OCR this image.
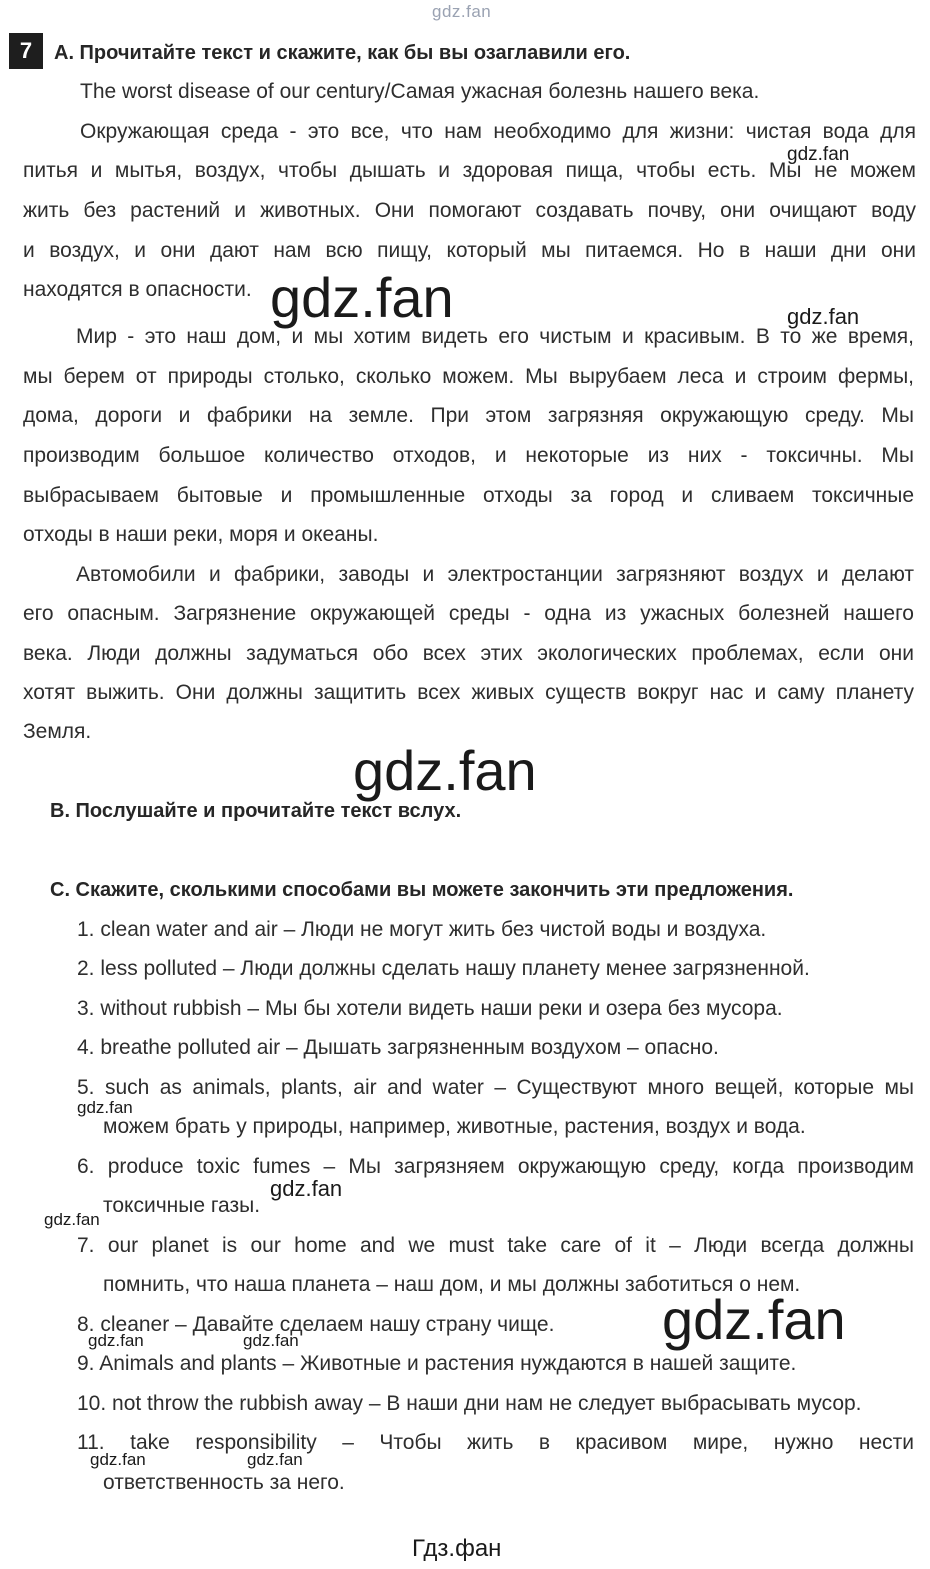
gdz.fan
7	A. Прочитайте текст и скажите, как бы вы озаглавили его.
The worst disease of our century/Самая ужасная болезнь нашего века.
Окружающая среда - это все, что нам необходимо для жизни: чистая вода для
питья и мытья, воздух, чтобы дышать и здоровая пища, чтобы есть. Мы не можем
жить без растений и животных. Они помогают создавать почву, они очищают воду
и воздух, и они дают нам всю пищу, который мы питаемся. Но в наши дни они
находятся в опасности.
Мир - это наш дом, и мы хотим видеть его чистым и красивым. В то же время,
мы берем от природы столько, сколько можем. Мы вырубаем леса и строим фермы,
дома, дороги и фабрики на земле. При этом загрязняя окружающую среду. Мы
производим большое количество отходов, и некоторые из них - токсичны. Мы
выбрасываем бытовые и промышленные отходы за город и сливаем токсичные
отходы в наши реки, моря и океаны.
Автомобили и фабрики, заводы и электростанции загрязняют воздух и делают
его опасным. Загрязнение окружающей среды - одна из ужасных болезней нашего
века. Люди должны задуматься обо всех этих экологических проблемах, если они
хотят выжить. Они должны защитить всех живых существ вокруг нас и саму планету
Земля.
B. Послушайте и прочитайте текст вслух.
C. Скажите, сколькими способами вы можете закончить эти предложения.
1. clean water and air – Люди не могут жить без чистой воды и воздуха.
2. less polluted – Люди должны сделать нашу планету менее загрязненной.
3. without rubbish – Мы бы хотели видеть наши реки и озера без мусора.
4. breathe polluted air – Дышать загрязненным воздухом – опасно.
5. such as animals, plants, air and water – Существуют много вещей, которые мы
можем брать у природы, например, животные, растения, воздух и вода.
6. produce toxic fumes – Мы загрязняем окружающую среду, когда производим
токсичные газы.
7. our planet is our home and we must take care of it – Люди всегда должны
помнить, что наша планета – наш дом, и мы должны заботиться о нем.
8. cleaner – Давайте сделаем нашу страну чище.
9. Animals and plants – Животные и растения нуждаются в нашей защите.
10. not throw the rubbish away – В наши дни нам не следует выбрасывать мусор.
11. take responsibility – Чтобы жить в красивом мире, нужно нести
ответственность за него.
gdz.fan
gdz.fan	gdz.fan
gdz.fan
gdz.fan
gdz.fan
gdz.fan
gdz.fan
gdz.fan	gdz.fan
gdz.fan	gdz.fan
Гдз.фан
